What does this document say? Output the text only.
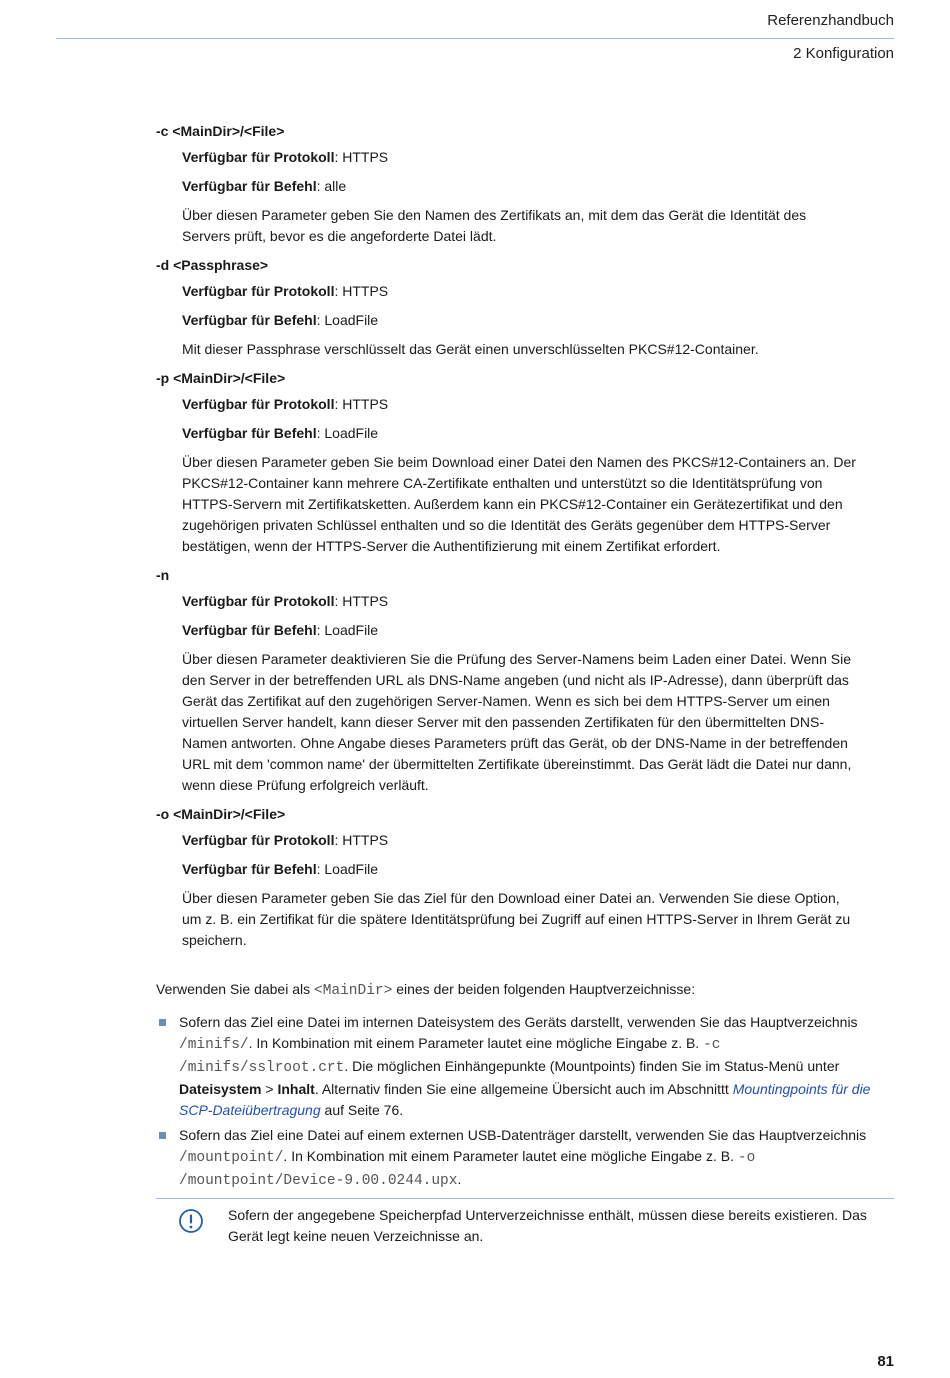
Referenzhandbuch
2 Konfiguration
-c <MainDir>/<File>
Verfügbar für Protokoll: HTTPS
Verfügbar für Befehl: alle
Über diesen Parameter geben Sie den Namen des Zertifikats an, mit dem das Gerät die Identität des Servers prüft, bevor es die angeforderte Datei lädt.
-d <Passphrase>
Verfügbar für Protokoll: HTTPS
Verfügbar für Befehl: LoadFile
Mit dieser Passphrase verschlüsselt das Gerät einen unverschlüsselten PKCS#12-Container.
-p <MainDir>/<File>
Verfügbar für Protokoll: HTTPS
Verfügbar für Befehl: LoadFile
Über diesen Parameter geben Sie beim Download einer Datei den Namen des PKCS#12-Containers an. Der PKCS#12-Container kann mehrere CA-Zertifikate enthalten und unterstützt so die Identitätsprüfung von HTTPS-Servern mit Zertifikatsketten. Außerdem kann ein PKCS#12-Container ein Gerätezertifikat und den zugehörigen privaten Schlüssel enthalten und so die Identität des Geräts gegenüber dem HTTPS-Server bestätigen, wenn der HTTPS-Server die Authentifizierung mit einem Zertifikat erfordert.
-n
Verfügbar für Protokoll: HTTPS
Verfügbar für Befehl: LoadFile
Über diesen Parameter deaktivieren Sie die Prüfung des Server-Namens beim Laden einer Datei. Wenn Sie den Server in der betreffenden URL als DNS-Name angeben (und nicht als IP-Adresse), dann überprüft das Gerät das Zertifikat auf den zugehörigen Server-Namen. Wenn es sich bei dem HTTPS-Server um einen virtuellen Server handelt, kann dieser Server mit den passenden Zertifikaten für den übermittelten DNS-Namen antworten. Ohne Angabe dieses Parameters prüft das Gerät, ob der DNS-Name in der betreffenden URL mit dem 'common name' der übermittelten Zertifikate übereinstimmt. Das Gerät lädt die Datei nur dann, wenn diese Prüfung erfolgreich verläuft.
-o <MainDir>/<File>
Verfügbar für Protokoll: HTTPS
Verfügbar für Befehl: LoadFile
Über diesen Parameter geben Sie das Ziel für den Download einer Datei an. Verwenden Sie diese Option, um z. B. ein Zertifikat für die spätere Identitätsprüfung bei Zugriff auf einen HTTPS-Server in Ihrem Gerät zu speichern.
Verwenden Sie dabei als <MainDir> eines der beiden folgenden Hauptverzeichnisse:
Sofern das Ziel eine Datei im internen Dateisystem des Geräts darstellt, verwenden Sie das Hauptverzeichnis /minifs/. In Kombination mit einem Parameter lautet eine mögliche Eingabe z. B. -c /minifs/sslroot.crt. Die möglichen Einhängepunkte (Mountpoints) finden Sie im Status-Menü unter Dateisystem > Inhalt. Alternativ finden Sie eine allgemeine Übersicht auch im Abschnittt Mountingpoints für die SCP-Dateiübertragung auf Seite 76.
Sofern das Ziel eine Datei auf einem externen USB-Datenträger darstellt, verwenden Sie das Hauptverzeichnis /mountpoint/. In Kombination mit einem Parameter lautet eine mögliche Eingabe z. B. -o /mountpoint/Device-9.00.0244.upx.
Sofern der angegebene Speicherpfad Unterverzeichnisse enthält, müssen diese bereits existieren. Das Gerät legt keine neuen Verzeichnisse an.
81
